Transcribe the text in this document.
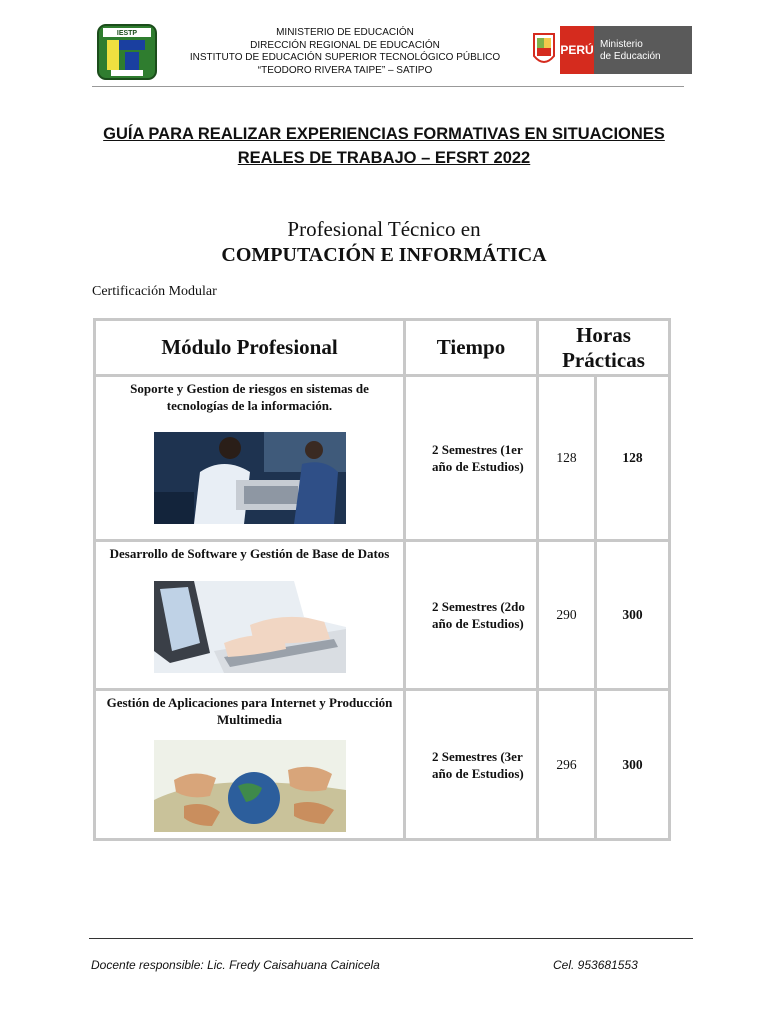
IESTP	MINISTERIO DE EDUCACIÓN
DIRECCIÓN REGIONAL DE EDUCACIÓN
INSTITUTO DE EDUCACIÓN SUPERIOR TECNOLÓGICO PÚBLICO
“TEODORO RIVERA TAIPE” – SATIPO
PERÚ Ministerio
de Educación
GUÍA PARA REALIZAR EXPERIENCIAS FORMATIVAS EN SITUACIONES
REALES DE TRABAJO – EFSRT 2022
Profesional Técnico en
COMPUTACIÓN E INFORMÁTICA
Certificación Modular
Módulo Profesional	Tiempo	Horas Prácticas	

Soporte y Gestion de riesgos en sistemas de tecnologías de la información.	2 Semestres (1er año de Estudios)	128	128

Desarrollo de Software y Gestión de Base de Datos	2 Semestres (2do año de Estudios)	290	300

Gestión de Aplicaciones para Internet y Producción Multimedia	2 Semestres (3er año de Estudios)	296	300
Docente responsible: Lic. Fredy Caisahuana Cainicela	Cel. 953681553
